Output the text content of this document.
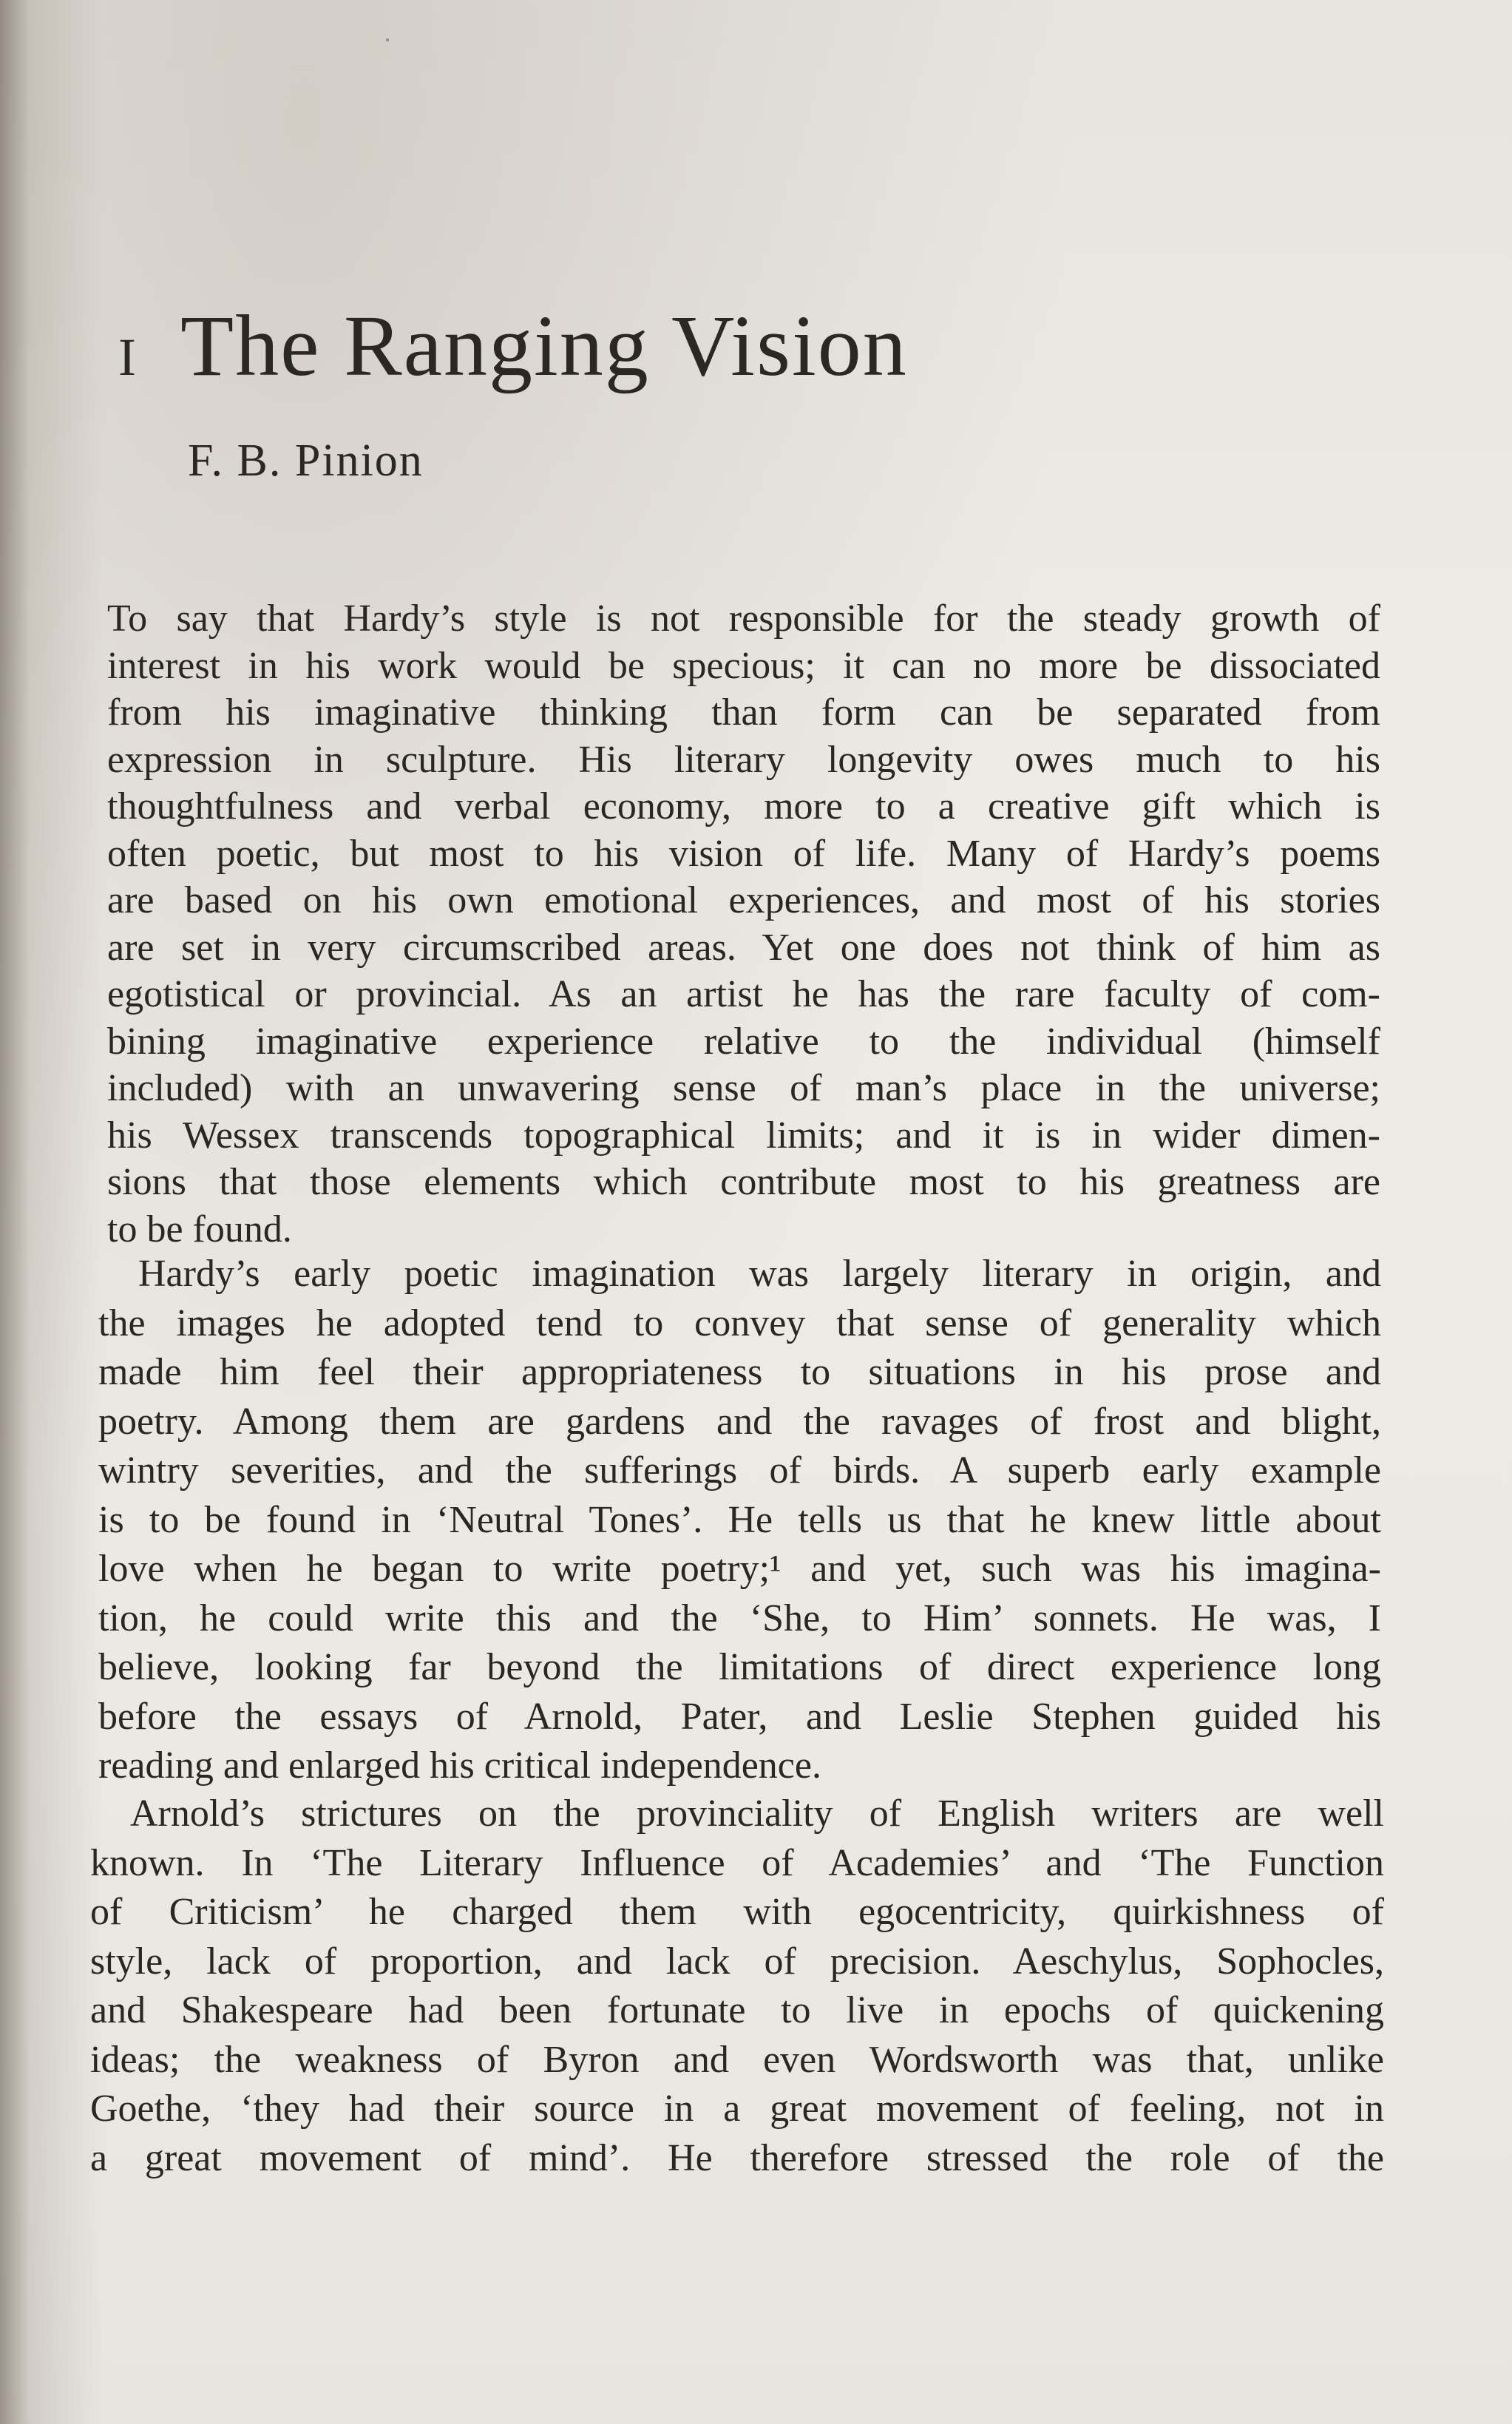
I The Ranging Vision
F. B. Pinion
To say that Hardy’s style is not responsible for the steady growth of
interest in his work would be specious; it can no more be dissociated
from his imaginative thinking than form can be separated from
expression in sculpture. His literary longevity owes much to his
thoughtfulness and verbal economy, more to a creative gift which is
often poetic, but most to his vision of life. Many of Hardy’s poems
are based on his own emotional experiences, and most of his stories
are set in very circumscribed areas. Yet one does not think of him as
egotistical or provincial. As an artist he has the rare faculty of com-
bining imaginative experience relative to the individual (himself
included) with an unwavering sense of man’s place in the universe;
his Wessex transcends topographical limits; and it is in wider dimen-
sions that those elements which contribute most to his greatness are
to be found.
Hardy’s early poetic imagination was largely literary in origin, and
the images he adopted tend to convey that sense of generality which
made him feel their appropriateness to situations in his prose and
poetry. Among them are gardens and the ravages of frost and blight,
wintry severities, and the sufferings of birds. A superb early example
is to be found in ‘Neutral Tones’. He tells us that he knew little about
love when he began to write poetry;¹ and yet, such was his imagina-
tion, he could write this and the ‘She, to Him’ sonnets. He was, I
believe, looking far beyond the limitations of direct experience long
before the essays of Arnold, Pater, and Leslie Stephen guided his
reading and enlarged his critical independence.
Arnold’s strictures on the provinciality of English writers are well
known. In ‘The Literary Influence of Academies’ and ‘The Function
of Criticism’ he charged them with egocentricity, quirkishness of
style, lack of proportion, and lack of precision. Aeschylus, Sophocles,
and Shakespeare had been fortunate to live in epochs of quickening
ideas; the weakness of Byron and even Wordsworth was that, unlike
Goethe, ‘they had their source in a great movement of feeling, not in
a great movement of mind’. He therefore stressed the role of the
